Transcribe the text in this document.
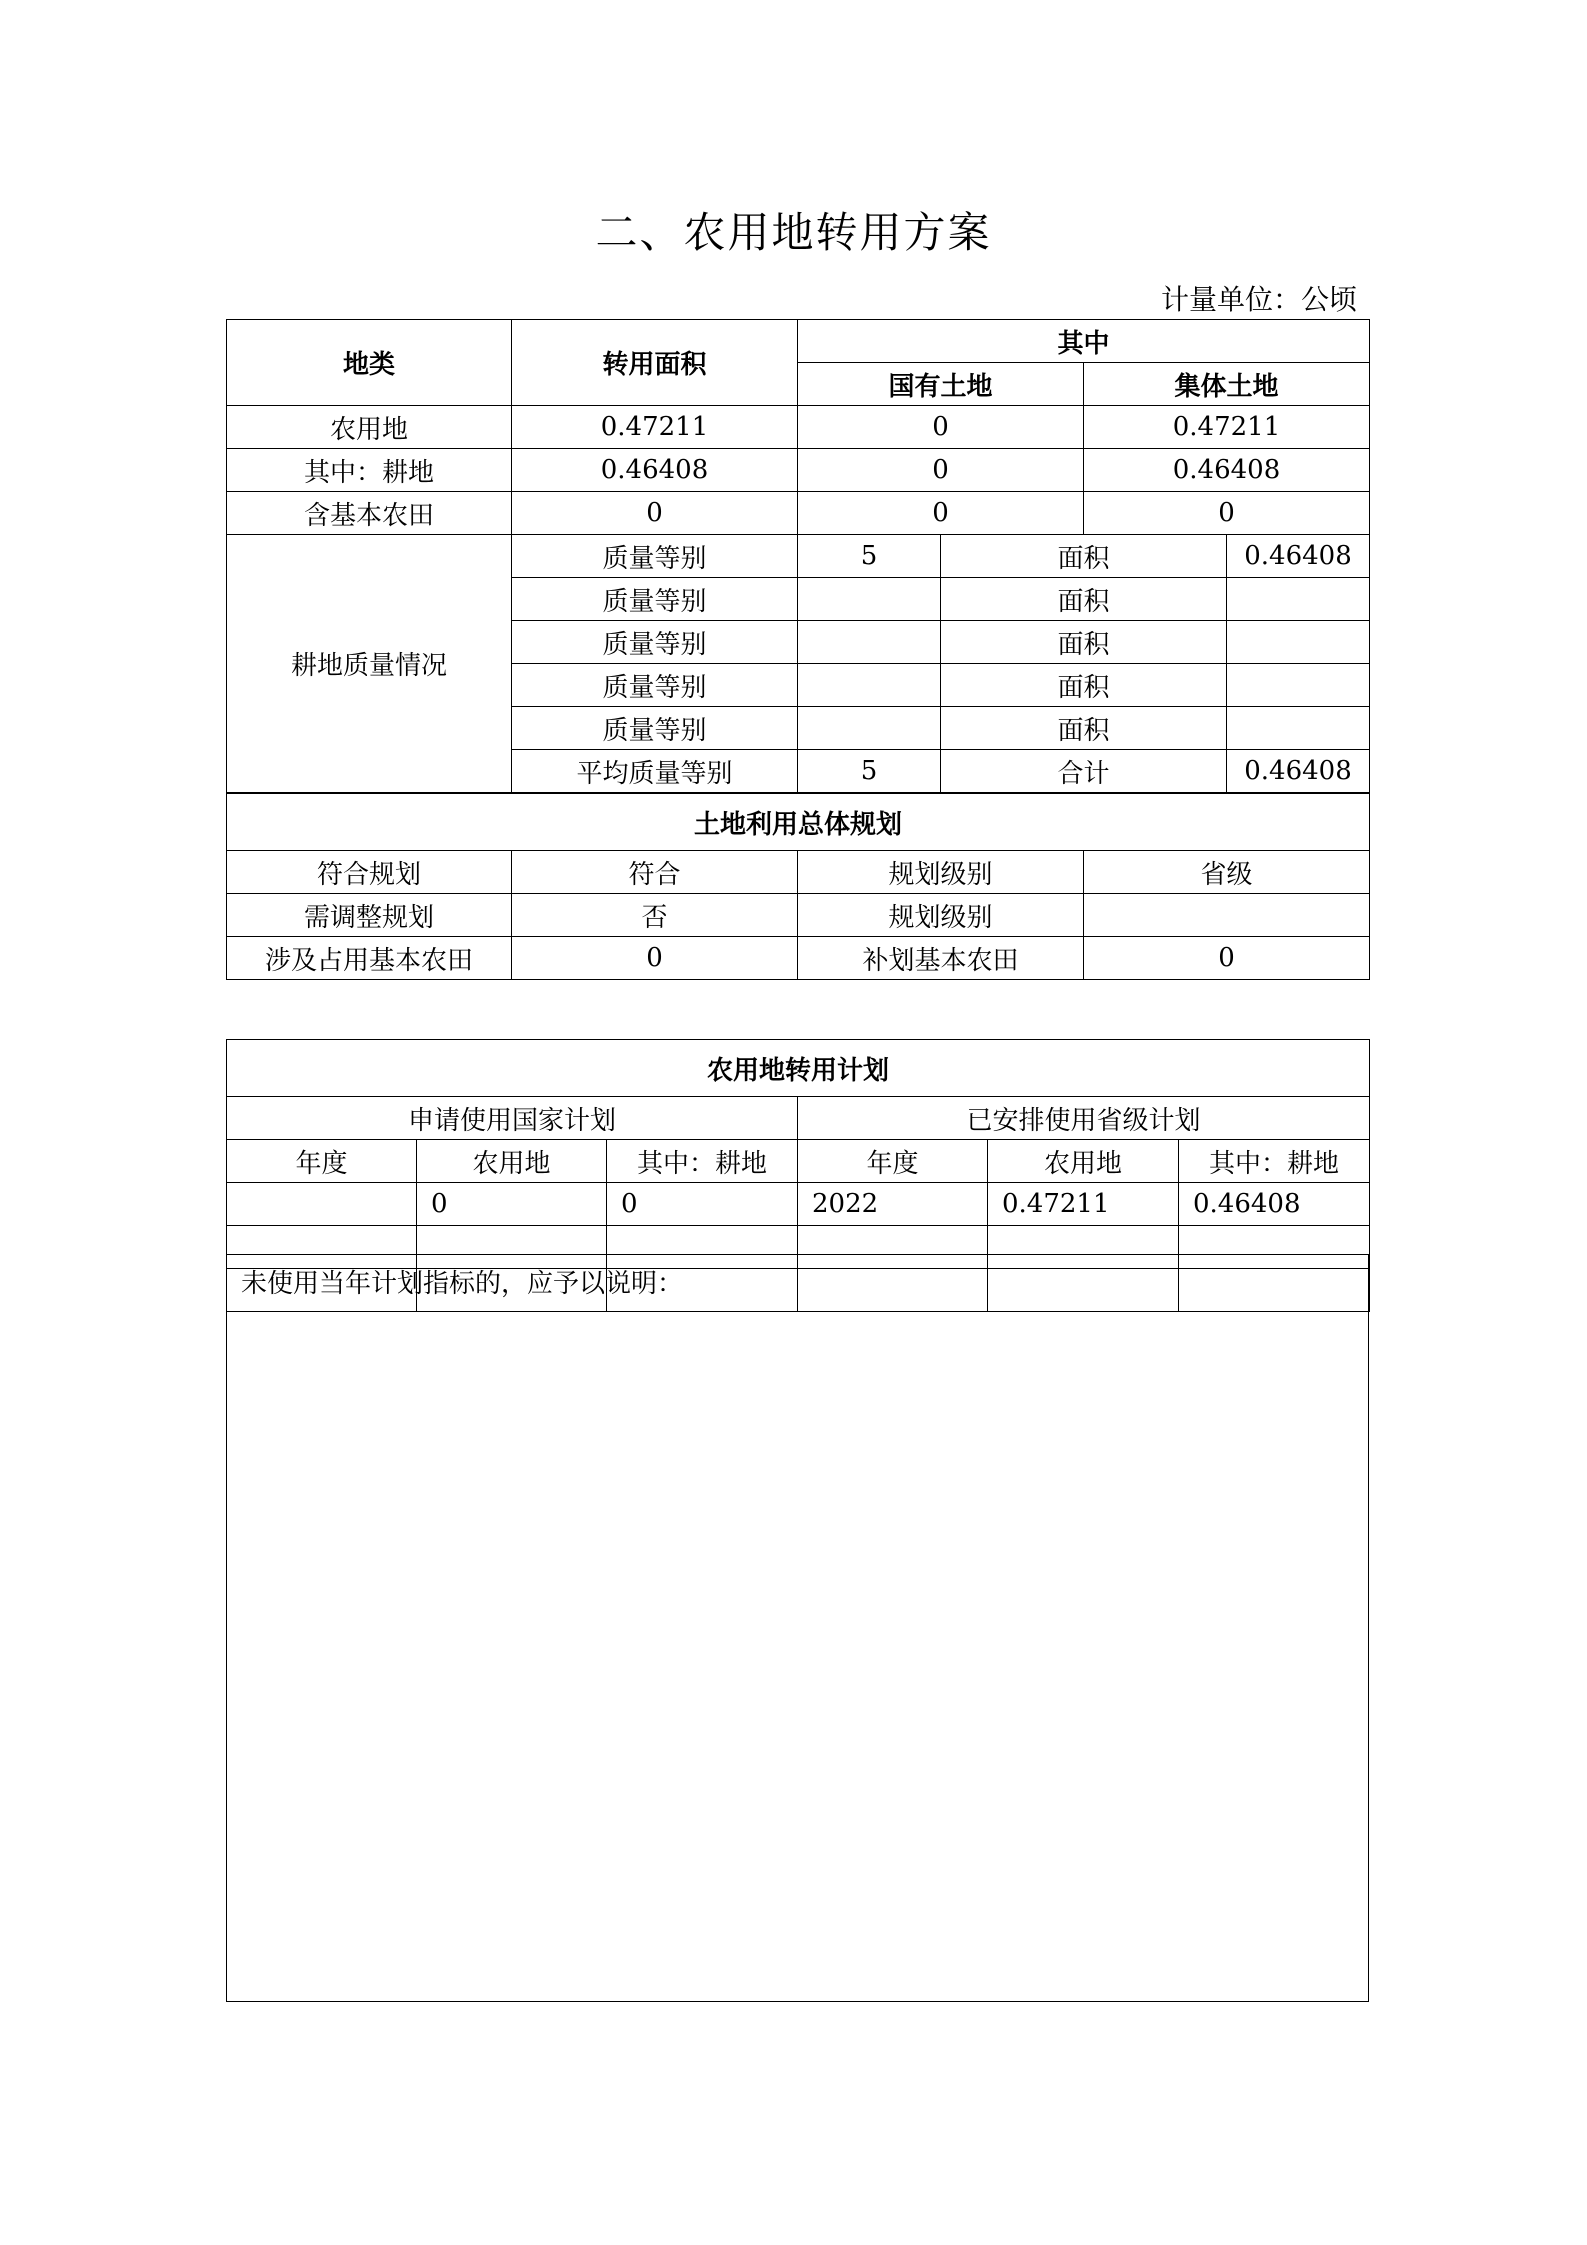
二、农用地转用方案
计量单位：公顷
地类	转用面积	其中			
		国有土地		集体土地	
农用地	0.47211	0		0.47211	
其中：耕地	0.46408	0		0.46408	
含基本农田	0	0		0	
耕地质量情况	质量等别	5	面积		0.46408
	质量等别		面积		
	质量等别		面积		
	质量等别		面积		
	质量等别		面积		
	平均质量等别	5	合计		0.46408
土地利用总体规划			
符合规划	符合	规划级别	省级
需调整规划	否	规划级别	
涉及占用基本农田	0	补划基本农田	0
农用地转用计划					
申请使用国家计划			已安排使用省级计划		
年度	农用地	其中：耕地	年度	农用地	其中：耕地
	0	0	2022	0.47211	0.46408

未使用当年计划指标的，应予以说明：
